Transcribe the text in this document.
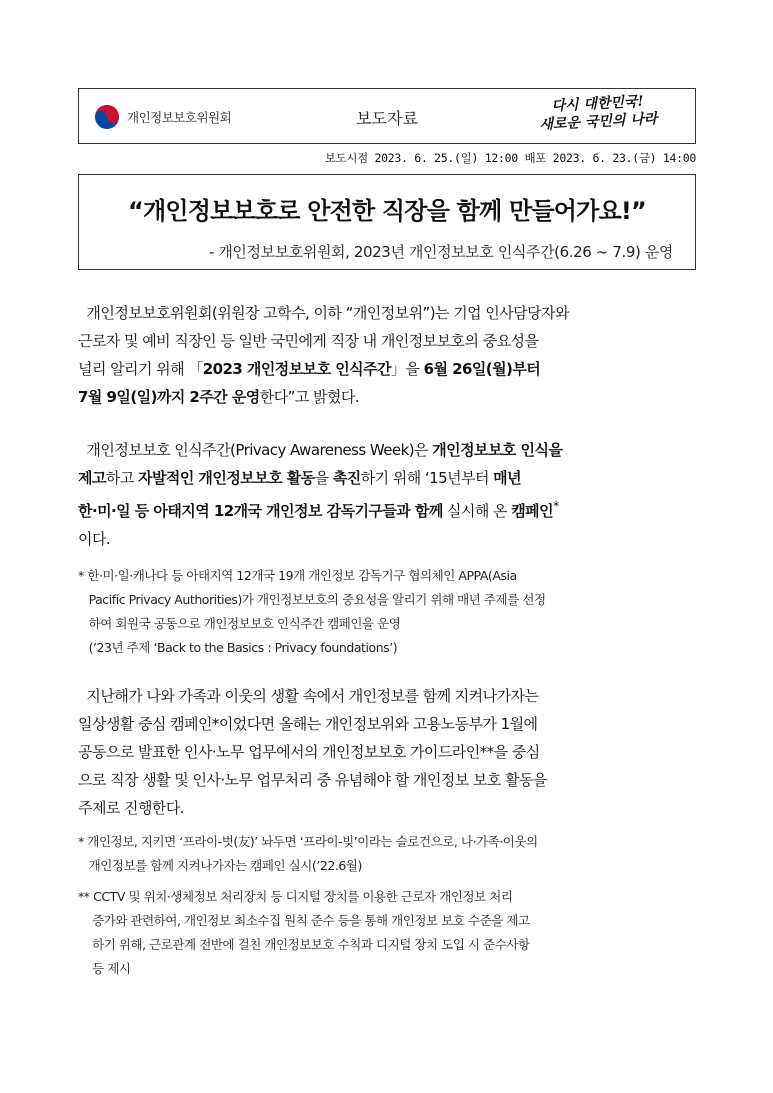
개인정보보호위원회	보도자료
다시 대한민국!
새로운 국민의 나라
보도시점 2023. 6. 25.(일) 12:00 배포 2023. 6. 23.(금) 14:00
“개인정보보호로 안전한 직장을 함께 만들어가요!”
- 개인정보보호위원회, 2023년 개인정보보호 인식주간(6.26 ~ 7.9) 운영
개인정보보호위원회(위원장 고학수, 이하 “개인정보위”)는 기업 인사담당자와
근로자 및 예비 직장인 등 일반 국민에게 직장 내 개인정보보호의 중요성을
널리 알리기 위해 「2023 개인정보보호 인식주간」을 6월 26일(월)부터
7월 9일(일)까지 2주간 운영한다”고 밝혔다.
개인정보보호 인식주간(Privacy Awareness Week)은 개인정보보호 인식을
제고하고 자발적인 개인정보보호 활동을 촉진하기 위해 ‘15년부터 매년
한·미·일 등 아태지역 12개국 개인정보 감독기구들과 함께 실시해 온 캠페인*
이다.
* 한·미·일·캐나다 등 아태지역 12개국 19개 개인정보 감독기구 협의체인 APPA(Asia
Pacific Privacy Authorities)가 개인정보보호의 중요성을 알리기 위해 매년 주제를 선정
하여 회원국 공동으로 개인정보보호 인식주간 캠페인을 운영
(’23년 주제 ‘Back to the Basics : Privacy foundations’)
지난해가 나와 가족과 이웃의 생활 속에서 개인정보를 함께 지켜나가자는
일상생활 중심 캠페인*이었다면 올해는 개인정보위와 고용노동부가 1월에
공동으로 발표한 인사·노무 업무에서의 개인정보보호 가이드라인**을 중심
으로 직장 생활 및 인사·노무 업무처리 중 유념해야 할 개인정보 보호 활동을
주제로 진행한다.
* 개인정보, 지키면 ‘프라이-벗(友)’ 놔두면 ‘프라이-빚’이라는 슬로건으로, 나·가족·이웃의
개인정보를 함께 지켜나가자는 캠페인 실시(’22.6월)
** CCTV 및 위치·생체정보 처리장치 등 디지털 장치를 이용한 근로자 개인정보 처리
증가와 관련하여, 개인정보 최소수집 원칙 준수 등을 통해 개인정보 보호 수준을 제고
하기 위해, 근로관계 전반에 걸친 개인정보보호 수칙과 디지털 장치 도입 시 준수사항
등 제시
